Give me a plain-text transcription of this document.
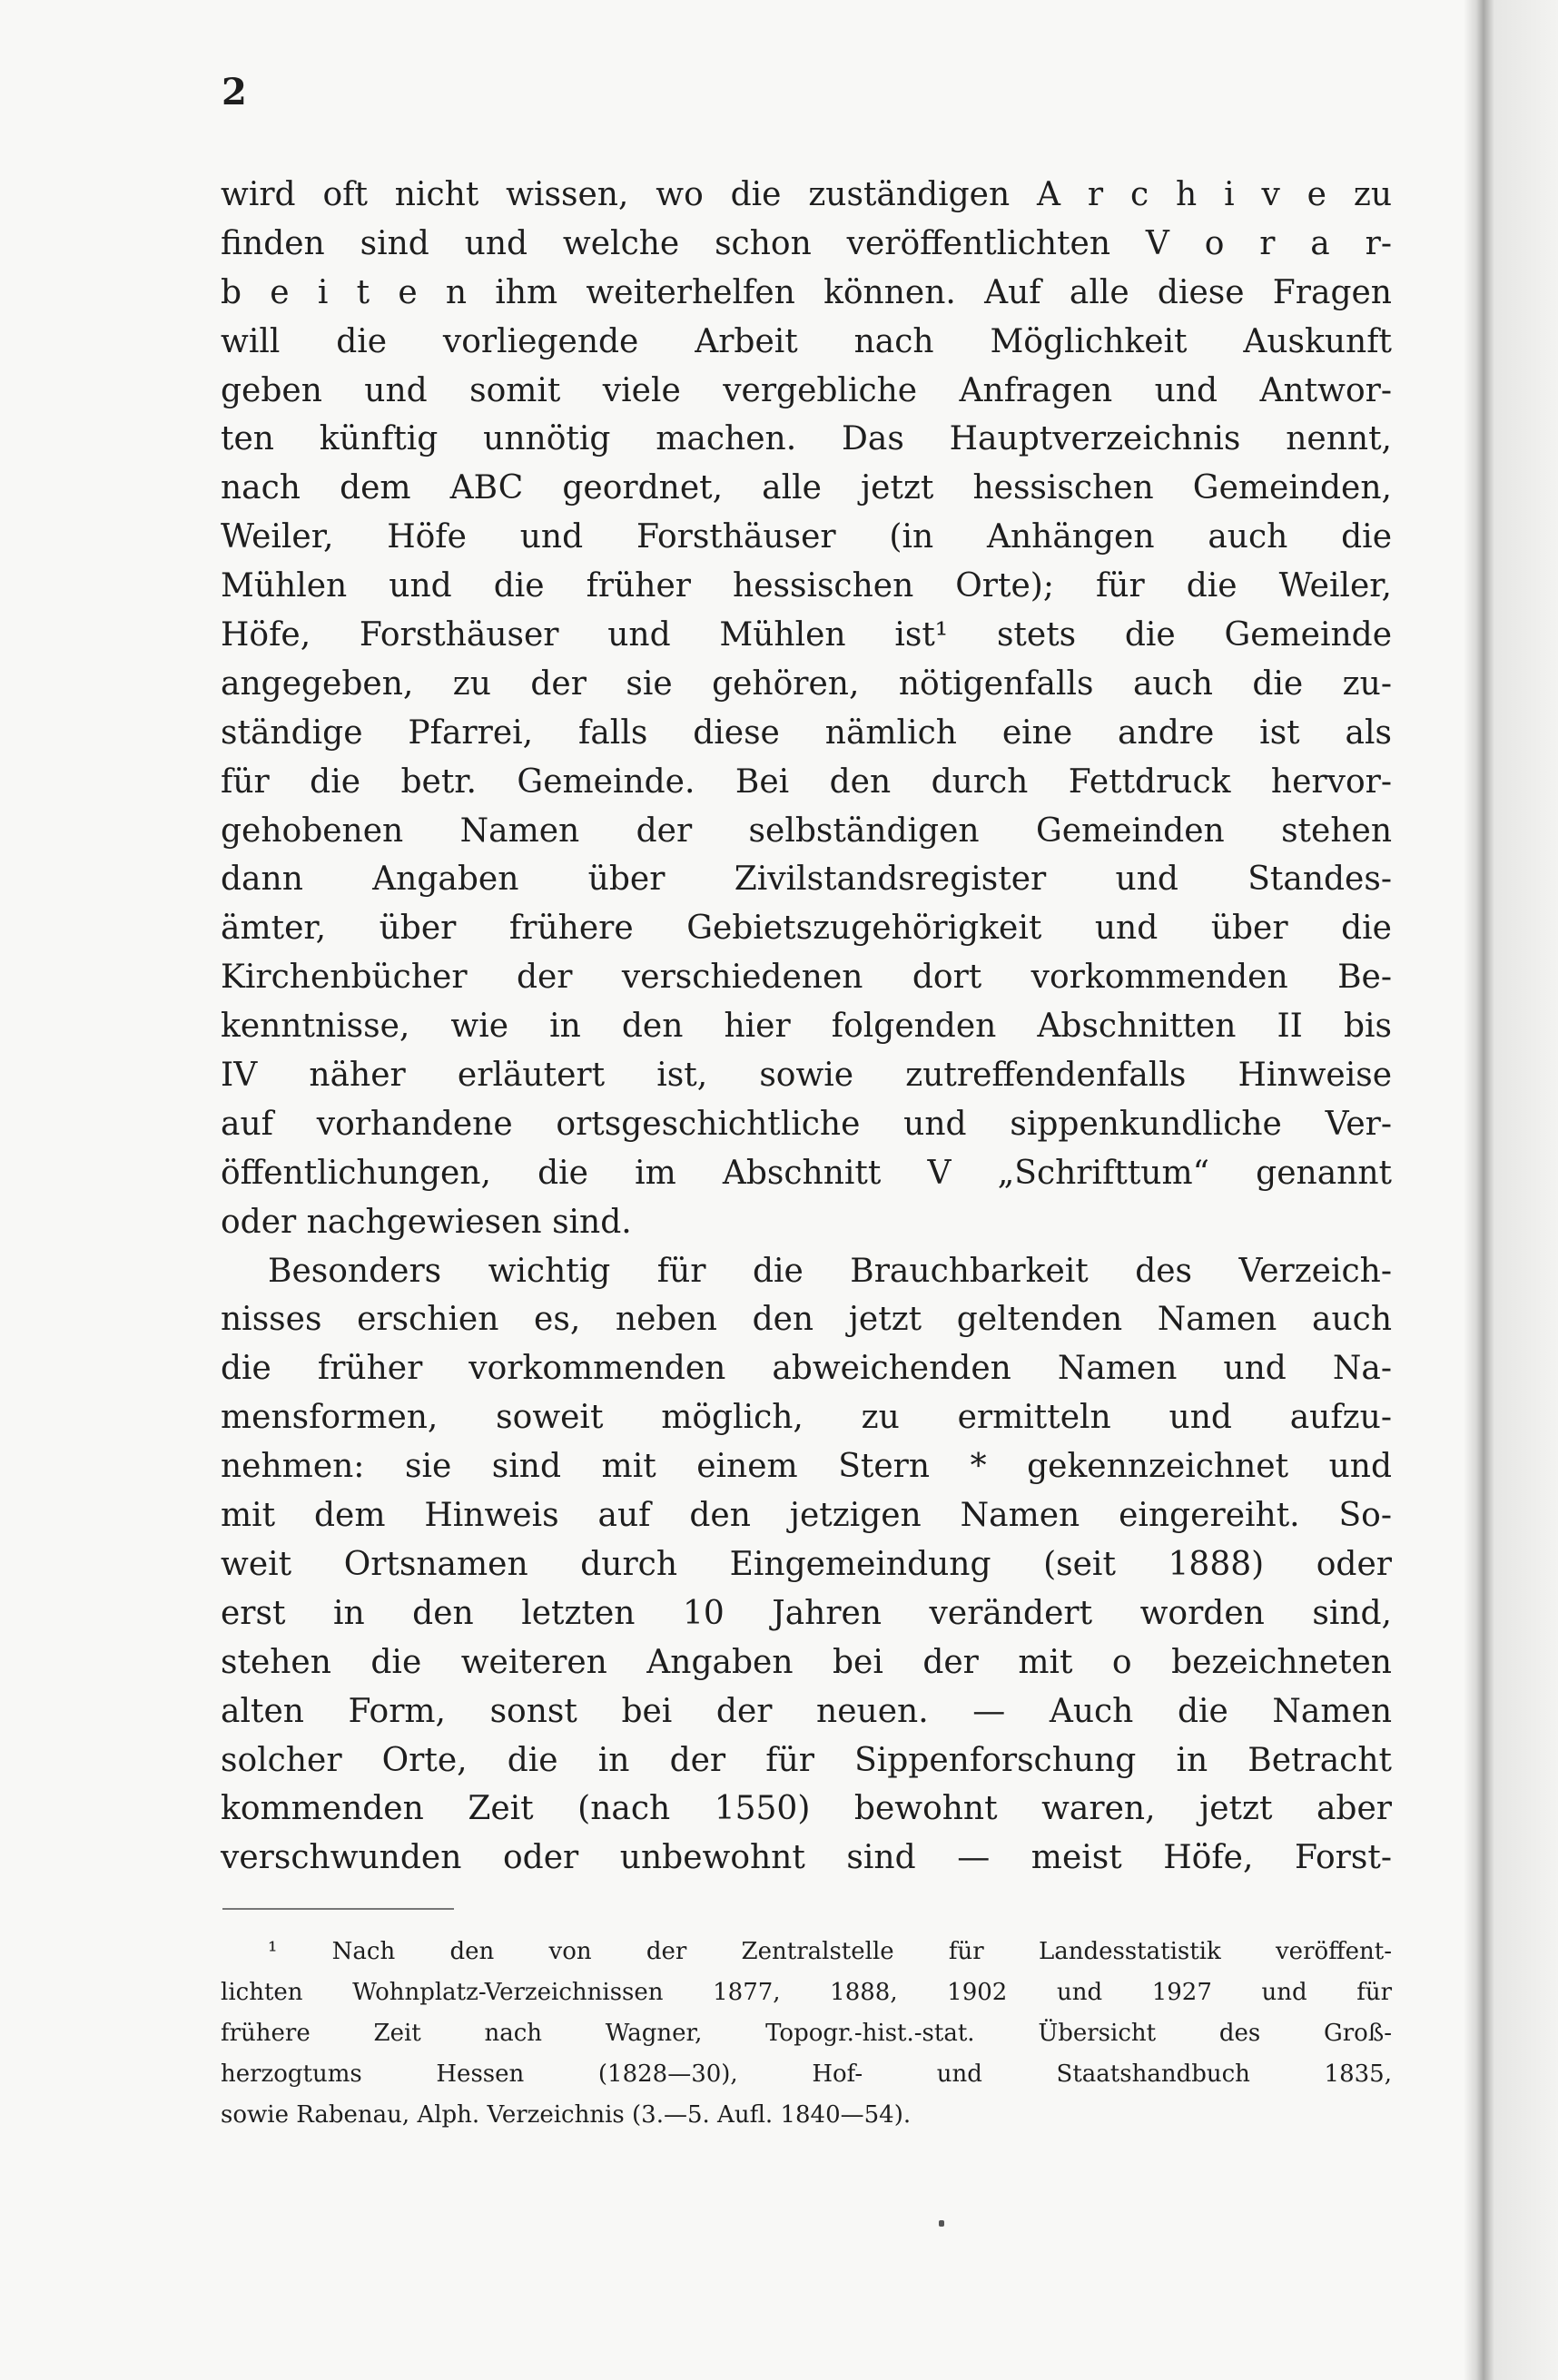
2
wird oft nicht wissen, wo die zuständigen A r c h i v e zu
finden sind und welche schon veröffentlichten V o r a r-
b e i t e n ihm weiterhelfen können. Auf alle diese Fragen
will die vorliegende Arbeit nach Möglichkeit Auskunft
geben und somit viele vergebliche Anfragen und Antwor-
ten künftig unnötig machen. Das Hauptverzeichnis nennt,
nach dem ABC geordnet, alle jetzt hessischen Gemeinden,
Weiler, Höfe und Forsthäuser (in Anhängen auch die
Mühlen und die früher hessischen Orte); für die Weiler,
Höfe, Forsthäuser und Mühlen ist¹ stets die Gemeinde
angegeben, zu der sie gehören, nötigenfalls auch die zu-
ständige Pfarrei, falls diese nämlich eine andre ist als
für die betr. Gemeinde. Bei den durch Fettdruck hervor-
gehobenen Namen der selbständigen Gemeinden stehen
dann Angaben über Zivilstandsregister und Standes-
ämter, über frühere Gebietszugehörigkeit und über die
Kirchenbücher der verschiedenen dort vorkommenden Be-
kenntnisse, wie in den hier folgenden Abschnitten II bis
IV näher erläutert ist, sowie zutreffendenfalls Hinweise
auf vorhandene ortsgeschichtliche und sippenkundliche Ver-
öffentlichungen, die im Abschnitt V „Schrifttum“ genannt
oder nachgewiesen sind.
Besonders wichtig für die Brauchbarkeit des Verzeich-
nisses erschien es, neben den jetzt geltenden Namen auch
die früher vorkommenden abweichenden Namen und Na-
mensformen, soweit möglich, zu ermitteln und aufzu-
nehmen: sie sind mit einem Stern * gekennzeichnet und
mit dem Hinweis auf den jetzigen Namen eingereiht. So-
weit Ortsnamen durch Eingemeindung (seit 1888) oder
erst in den letzten 10 Jahren verändert worden sind,
stehen die weiteren Angaben bei der mit o bezeichneten
alten Form, sonst bei der neuen. — Auch die Namen
solcher Orte, die in der für Sippenforschung in Betracht
kommenden Zeit (nach 1550) bewohnt waren, jetzt aber
verschwunden oder unbewohnt sind — meist Höfe, Forst-
¹ Nach den von der Zentralstelle für Landesstatistik veröffent-
lichten Wohnplatz-Verzeichnissen 1877, 1888, 1902 und 1927 und für
frühere Zeit nach Wagner, Topogr.-hist.-stat. Übersicht des Groß-
herzogtums Hessen (1828—30), Hof- und Staatshandbuch 1835,
sowie Rabenau, Alph. Verzeichnis (3.—5. Aufl. 1840—54).
